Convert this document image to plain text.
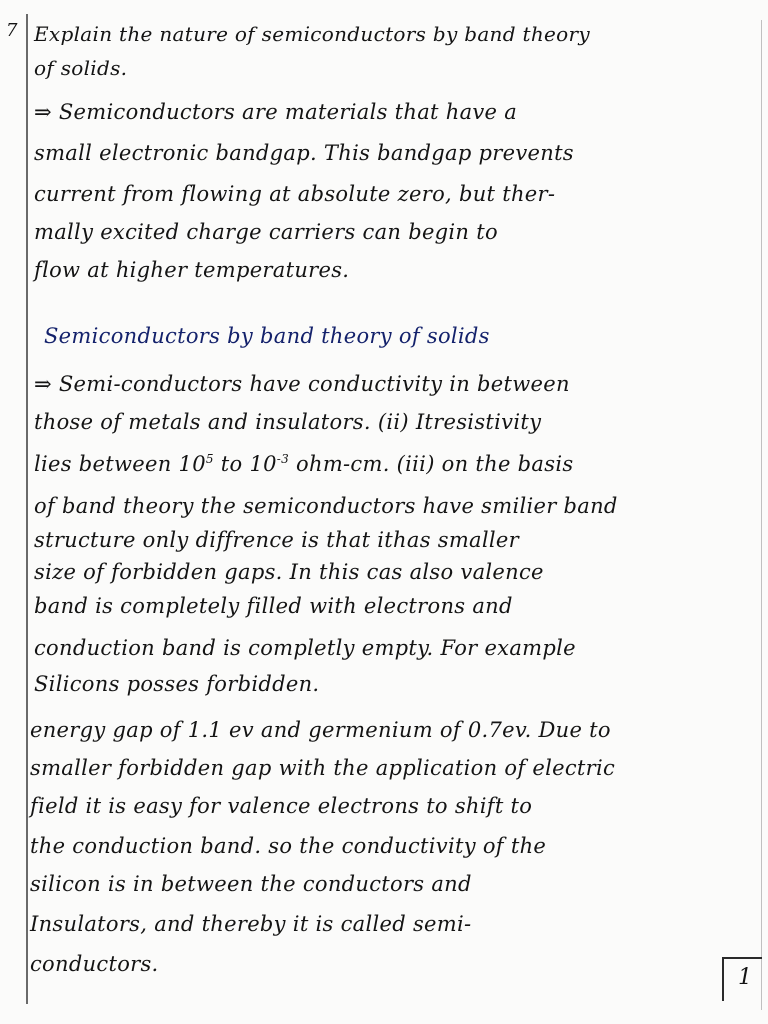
7 Explain the nature of semiconductors by band theory
of solids.
⇒ Semiconductors are materials that have a
small electronic bandgap. This bandgap prevents
current from flowing at absolute zero, but ther-
mally excited charge carriers can begin to
flow at higher temperatures.
Semiconductors by band theory of solids
⇒ Semi-conductors have conductivity in between
those of metals and insulators. (ii) Itresistivity
lies between $10^5$ to $10^{-3}$ ohm-cm. (iii) on the basis
of band theory the semiconductors have smilier band
structure only diffrence is that ithas smaller
size of forbidden gaps. In this cas also valence
band is completely filled with electrons and
conduction band is completly empty. For example
Silicons posses forbidden.
energy gap of 1.1 ev and germenium of 0.7ev. Due to
smaller forbidden gap with the application of electric
field it is easy for valence electrons to shift to
the conduction band. so the conductivity of the
silicon is in between the conductors and
Insulators, and thereby it is called semi-
conductors.
1
